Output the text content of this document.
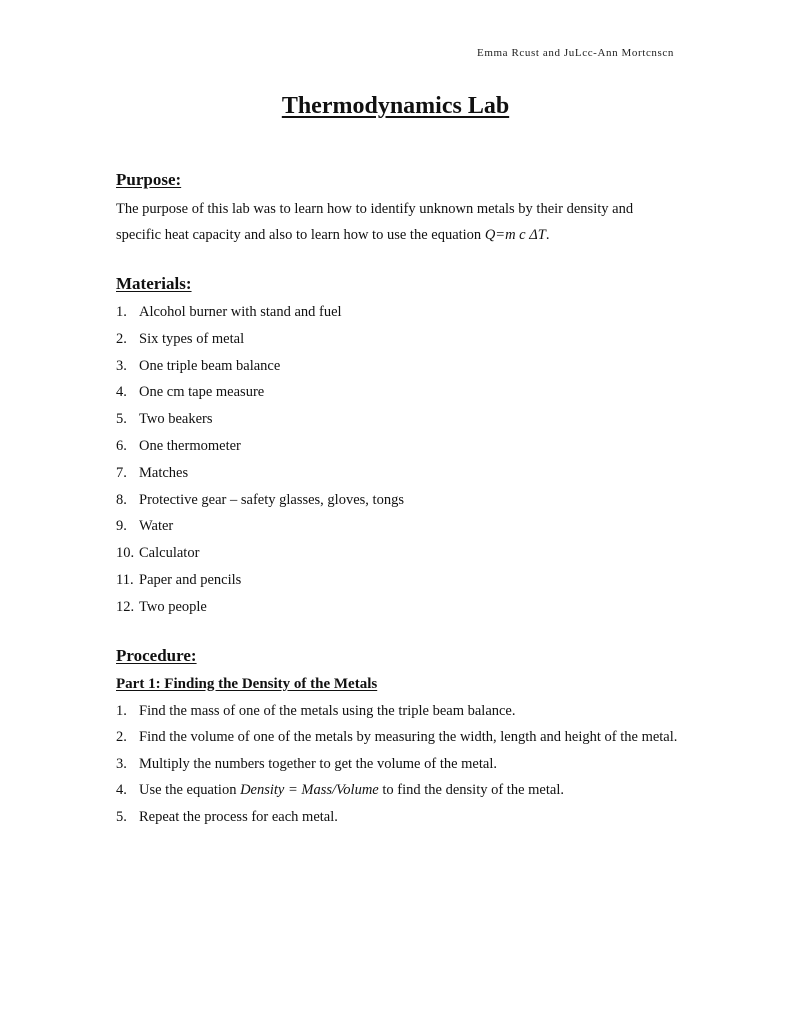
Emma Rcust and JuLcc-Ann Mortcnscn
Thermodynamics Lab
Purpose:

The purpose of this lab was to learn how to identify unknown metals by their density and specific heat capacity and also to learn how to use the equation Q=m c ΔT.

Materials:
1. Alcohol burner with stand and fuel
2. Six types of metal
3. One triple beam balance
4. One cm tape measure
5. Two beakers
6. One thermometer
7. Matches
8. Protective gear – safety glasses, gloves, tongs
9. Water
10. Calculator
11. Paper and pencils
12. Two people
Procedure:
Part 1: Finding the Density of the Metals
1. Find the mass of one of the metals using the triple beam balance.
2. Find the volume of one of the metals by measuring the width, length and height of the metal.
3. Multiply the numbers together to get the volume of the metal.
4. Use the equation Density = Mass/Volume to find the density of the metal.
5. Repeat the process for each metal.
